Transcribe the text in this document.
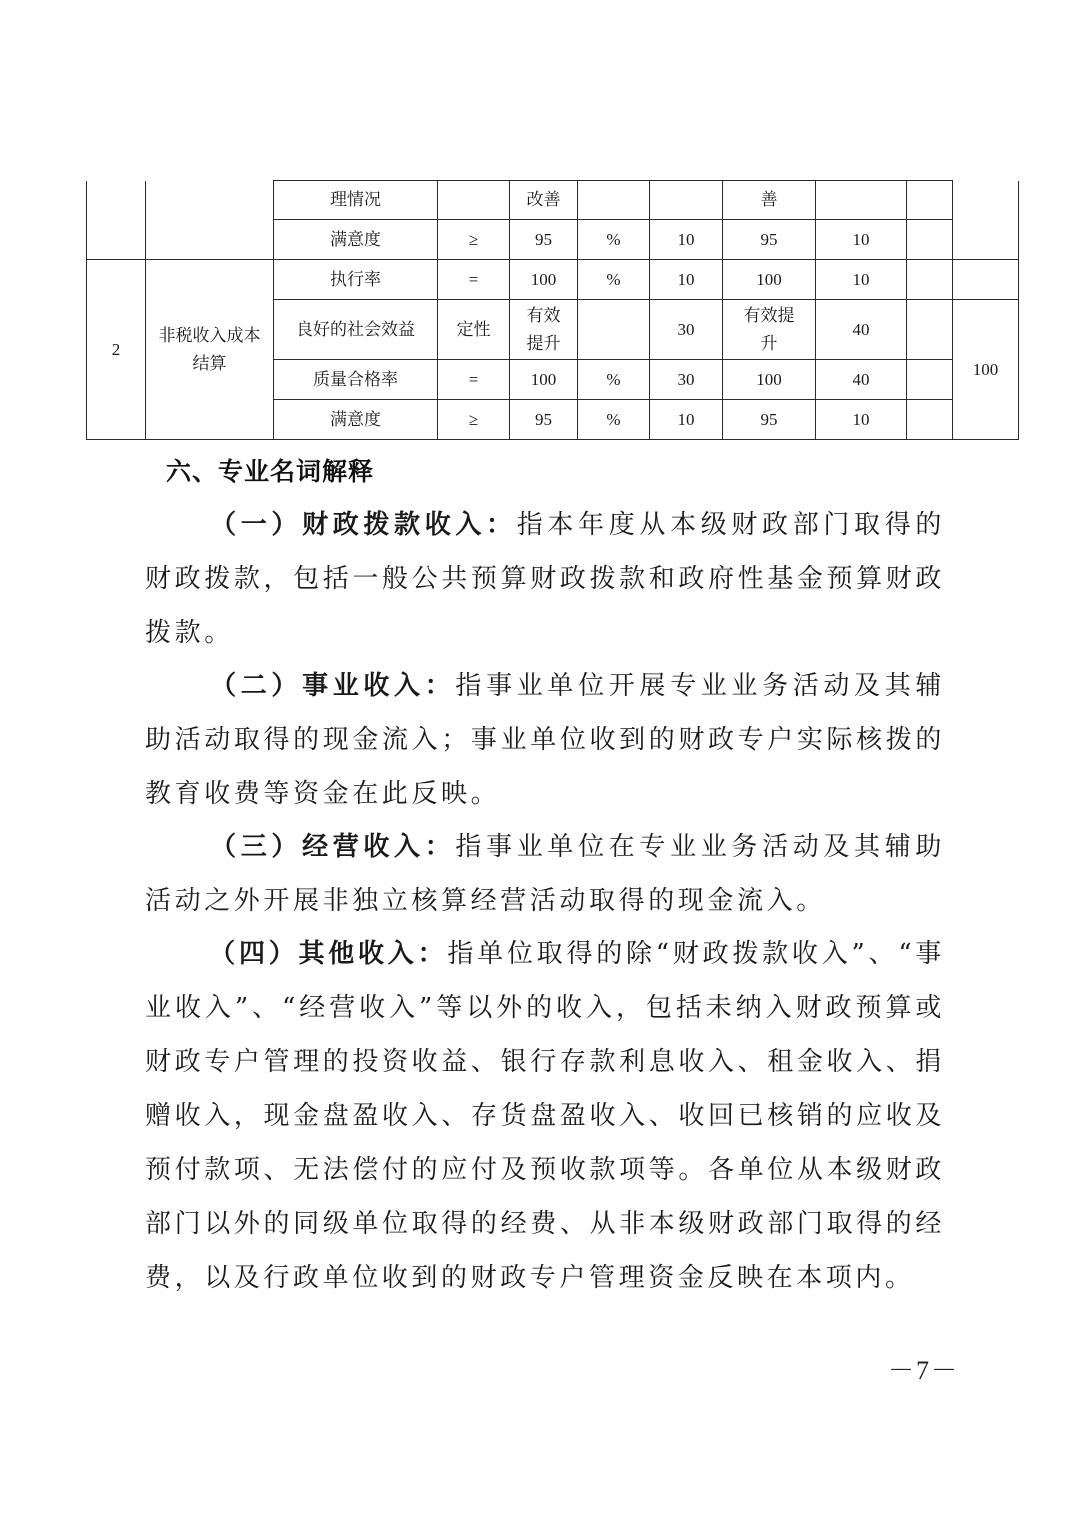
		理情况		改善			善			
		满意度	≥	95	%	10	95	10		
2	非税收入成本结算	执行率	=	100	%	10	100	10		
		良好的社会效益	定性	有效提升		30	有效提升	40		100
		质量合格率	=	100	%	30	100	40		
		满意度	≥	95	%	10	95	10		
六、专业名词解释
（一）财政拨款收入：指本年度从本级财政部门取得的财政拨款，包括一般公共预算财政拨款和政府性基金预算财政拨款。
（二）事业收入：指事业单位开展专业业务活动及其辅助活动取得的现金流入；事业单位收到的财政专户实际核拨的教育收费等资金在此反映。
（三）经营收入：指事业单位在专业业务活动及其辅助活动之外开展非独立核算经营活动取得的现金流入。
（四）其他收入：指单位取得的除“财政拨款收入”、“事业收入”、“经营收入”等以外的收入，包括未纳入财政预算或财政专户管理的投资收益、银行存款利息收入、租金收入、捐赠收入，现金盘盈收入、存货盘盈收入、收回已核销的应收及预付款项、无法偿付的应付及预收款项等。各单位从本级财政部门以外的同级单位取得的经费、从非本级财政部门取得的经费，以及行政单位收到的财政专户管理资金反映在本项内。
－7－
